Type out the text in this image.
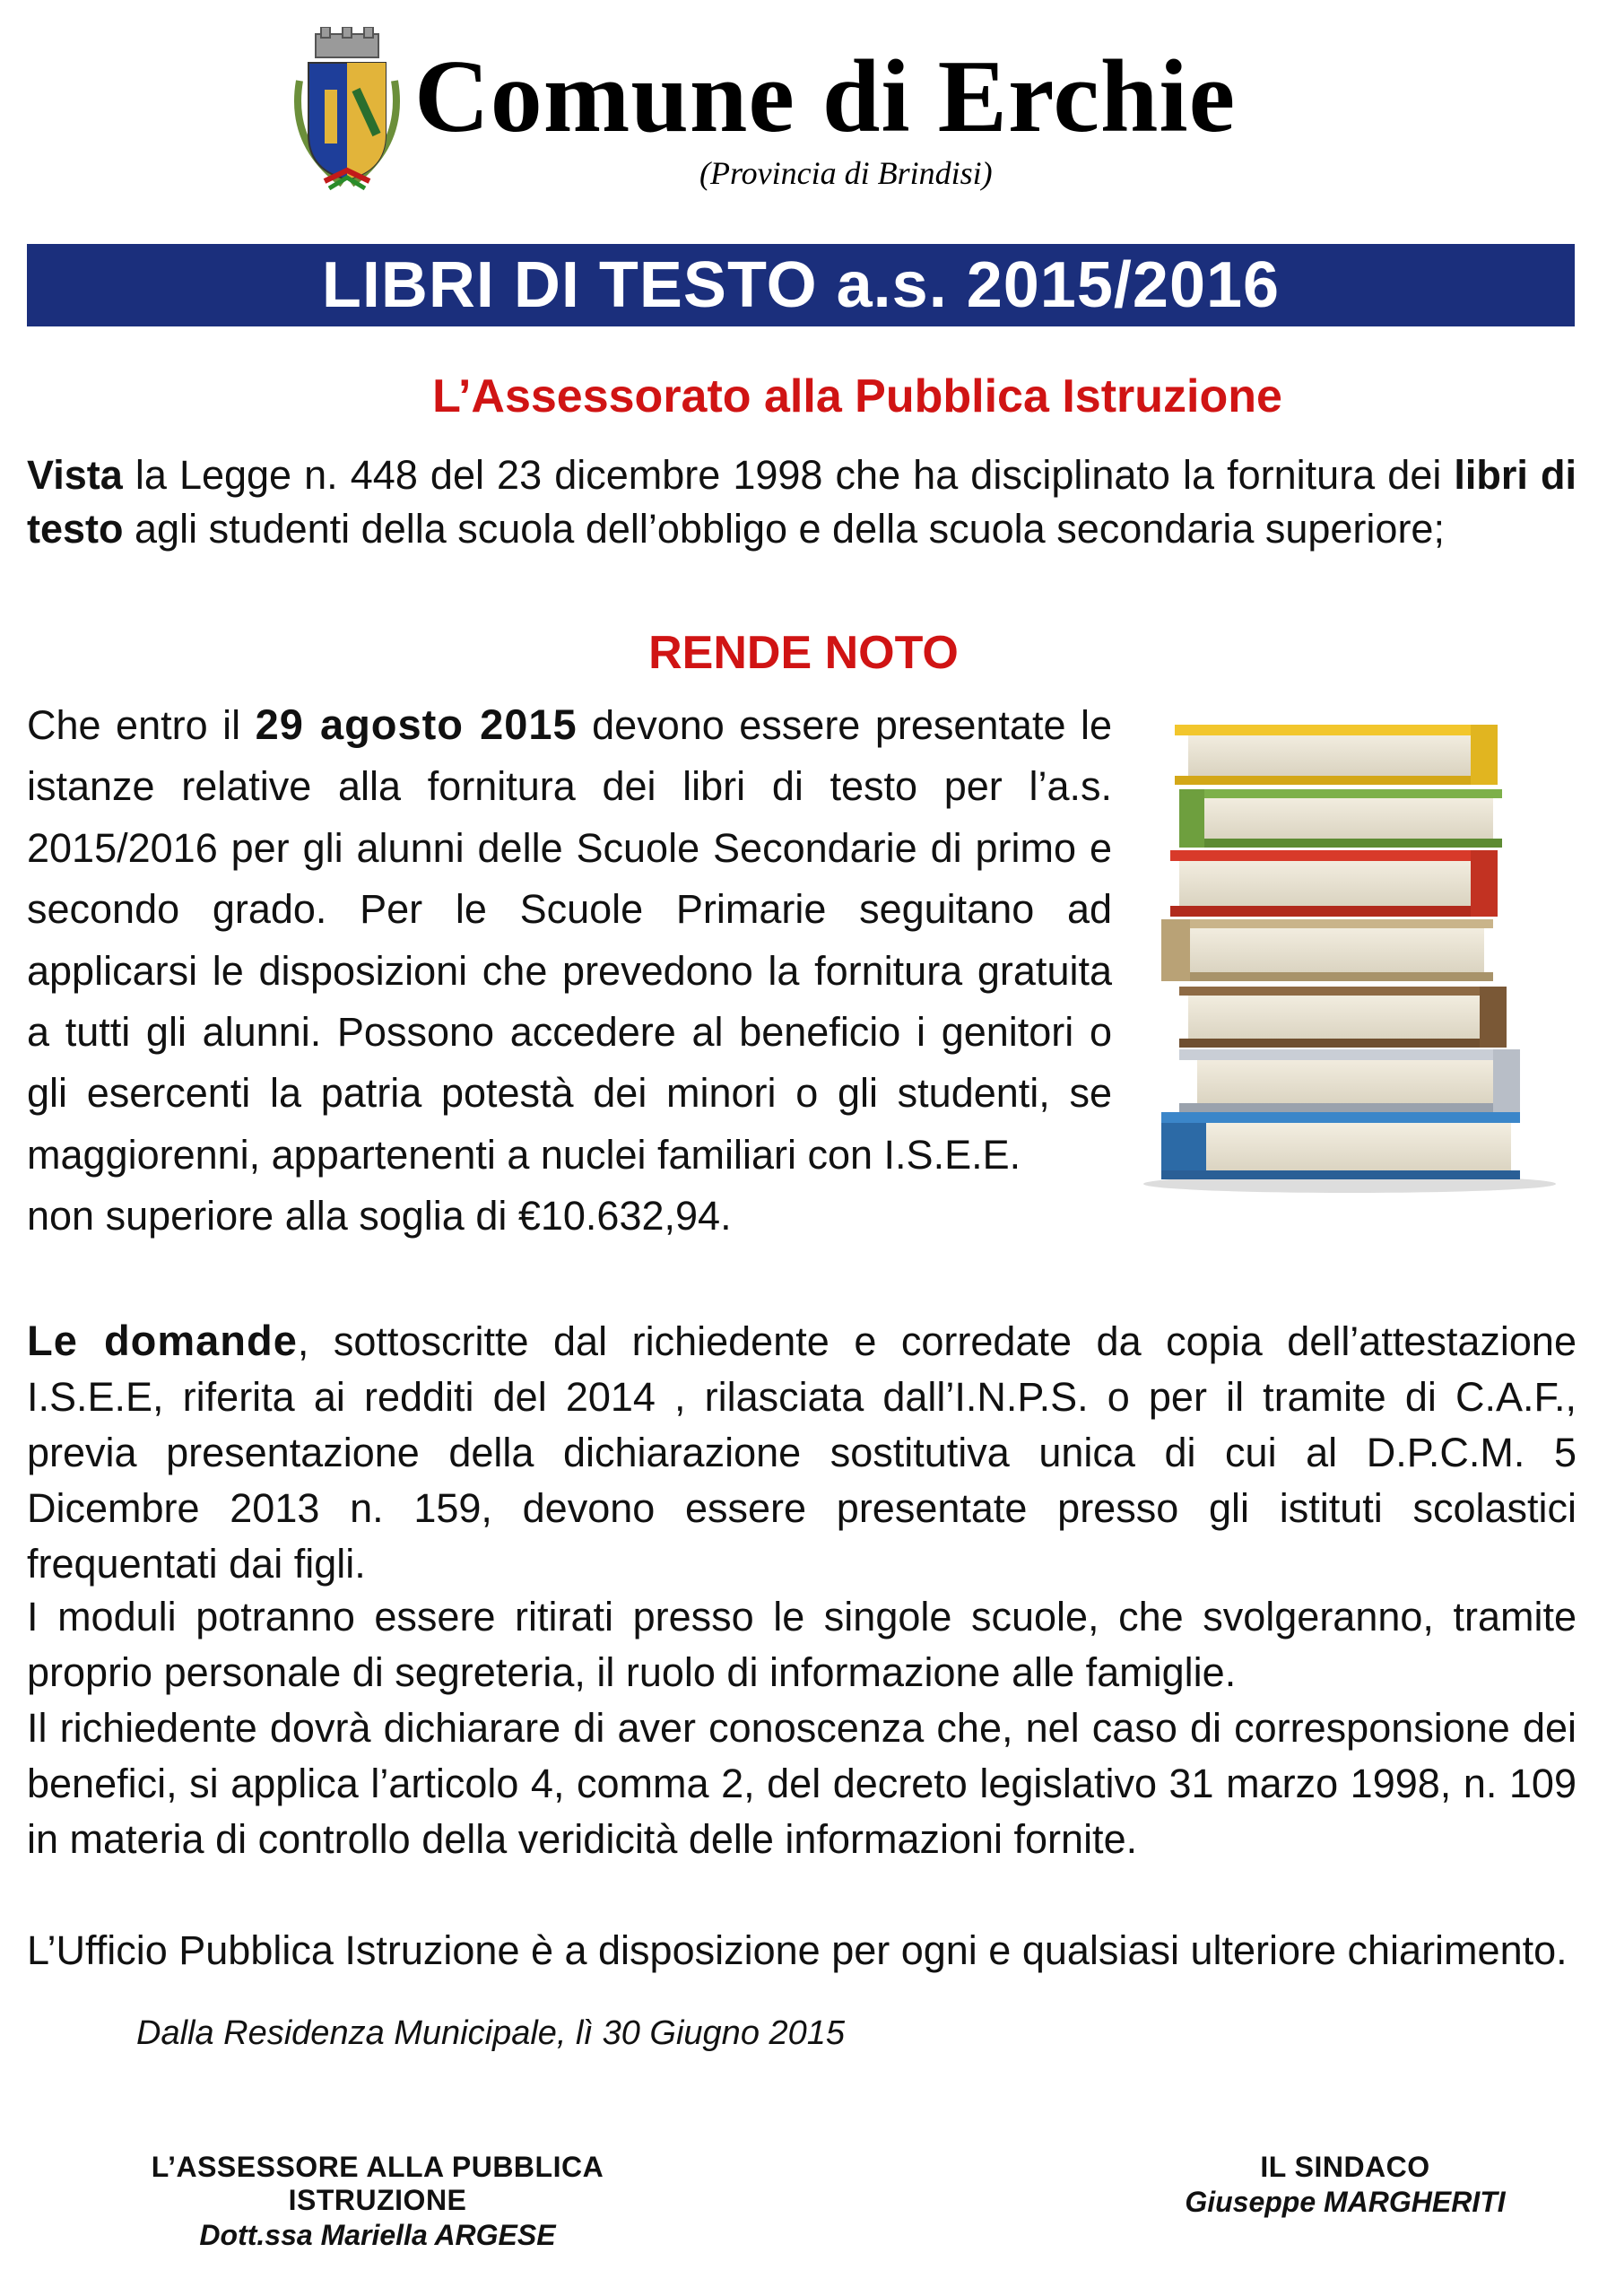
Comune di Erchie
(Provincia di Brindisi)
LIBRI DI TESTO a.s. 2015/2016
L’Assessorato alla Pubblica Istruzione
Vista la Legge n. 448 del 23 dicembre 1998 che ha disciplinato la fornitura dei libri di testo agli studenti della scuola dell’obbligo e della scuola secondaria superiore;
RENDE NOTO
Che entro il 29 agosto 2015 devono essere presentate le istanze relative alla fornitura dei libri di testo per l’a.s. 2015/2016 per gli alunni delle Scuole Secondarie di primo e secondo grado. Per le Scuole Primarie seguitano ad applicarsi le disposizioni che prevedono la fornitura gratuita a tutti gli alunni. Possono accedere al beneficio i genitori o gli esercenti la patria potestà dei minori o gli studenti, se maggiorenni, appartenenti a nuclei familiari con I.S.E.E.
non superiore alla soglia di €10.632,94.
Le domande, sottoscritte dal richiedente e corredate da copia dell’attestazione I.S.E.E, riferita ai redditi del 2014 , rilasciata dall’I.N.P.S. o per il tramite di C.A.F., previa presentazione della dichiarazione sostitutiva unica di cui al D.P.C.M. 5 Dicembre 2013 n. 159, devono essere presentate presso gli istituti scolastici frequentati dai figli.
I moduli potranno essere ritirati presso le singole scuole, che svolgeranno, tramite proprio personale di segreteria, il ruolo di informazione alle famiglie.
Il richiedente dovrà dichiarare di aver conoscenza che, nel caso di corresponsione dei benefici, si applica l’articolo 4, comma 2, del decreto legislativo 31 marzo 1998, n. 109 in materia di controllo della veridicità delle informazioni fornite.
L’Ufficio Pubblica Istruzione è a disposizione per ogni e qualsiasi ulteriore chiarimento.
Dalla Residenza Municipale, lì 30 Giugno 2015
L’ASSESSORE ALLA PUBBLICA ISTRUZIONE
Dott.ssa Mariella ARGESE
IL SINDACO
Giuseppe MARGHERITI
